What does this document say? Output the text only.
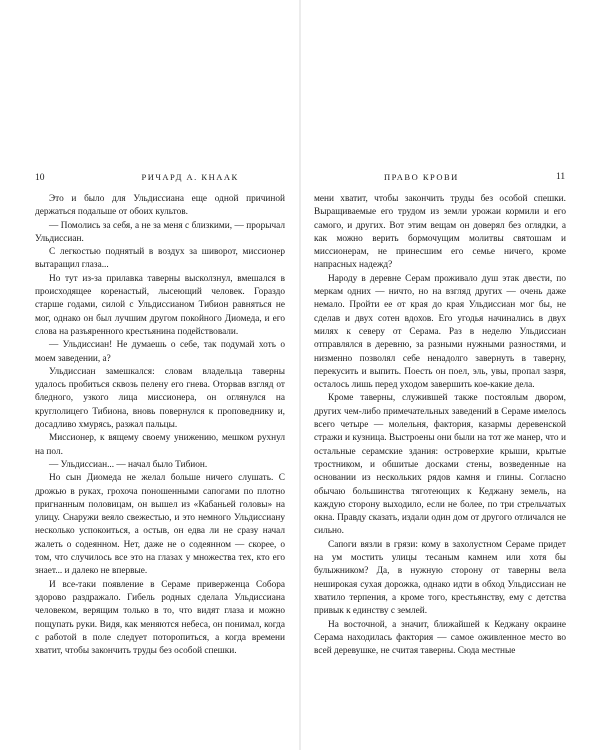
10	РИЧАРД А. КНААК

Это и было для Ульдиссиана еще одной причиной держаться подальше от обоих культов.

— Помолись за себя, а не за меня с близкими, — прорычал Ульдиссиан.

С легкостью поднятый в воздух за шиворот, миссионер вытаращил глаза...

Но тут из-за прилавка таверны высколзнул, вмешался в происходящее коренастый, лысеющий человек. Гораздо старше годами, силой с Ульдиссианом Тибион равняться не мог, однако он был лучшим другом покойного Диомеда, и его слова на разъяренного крестьянина подействовали.

— Ульдиссиан! Не думаешь о себе, так подумай хоть о моем заведении, а?

Ульдиссиан замешкался: словам владельца таверны удалось пробиться сквозь пелену его гнева. Оторвав взгляд от бледного, узкого лица миссионера, он оглянулся на круглолицего Тибиона, вновь повернулся к проповеднику и, досадливо хмурясь, разжал пальцы.

Миссионер, к вящему своему унижению, мешком рухнул на пол.

— Ульдиссиан... — начал было Тибион.

Но сын Диомеда не желал больше ничего слушать. С дрожью в руках, грохоча поношенными сапогами по плотно пригнанным половицам, он вышел из «Кабаньей головы» на улицу. Снаружи веяло свежестью, и это немного Ульдиссиану несколько успокоиться, а остыв, он едва ли не сразу начал жалеть о содеянном. Нет, даже не о содеянном — скорее, о том, что случилось все это на глазах у множества тех, кто его знает... и далеко не впервые.

И все-таки появление в Сераме приверженца Собора здорово раздражало. Гибель родных сделала Ульдиссиана человеком, верящим только в то, что видят глаза и можно пощупать руки. Видя, как меняются небеса, он понимал, когда с работой в поле следует поторопиться, а когда времени хватит, чтобы закончить труды без особой спешки.

ПРАВО КРОВИ	11

мени хватит, чтобы закончить труды без особой спешки. Выращиваемые его трудом из земли урожаи кормили и его самого, и других. Вот этим вещам он доверял без оглядки, а как можно верить бормочущим молитвы святошам и миссионерам, не принесшим его семье ничего, кроме напрасных надежд?

Народу в деревне Серам проживало душ этак двести, по меркам одних — ничто, но на взгляд других — очень даже немало. Пройти ее от края до края Ульдиссиан мог бы, не сделав и двух сотен вдохов. Его угодья начинались в двух милях к северу от Серама. Раз в неделю Ульдиссиан отправлялся в деревню, за разными нужными разностями, и низменно позволял себе ненадолго завернуть в таверну, перекусить и выпить. Поесть он поел, эль, увы, пропал зазря, осталось лишь перед уходом завершить кое-какие дела.

Кроме таверны, служившей также постоялым двором, других чем-либо примечательных заведений в Сераме имелось всего четыре — молельня, фактория, казармы деревенской стражи и кузница. Выстроены они были на тот же манер, что и остальные серамские здания: островерхие крыши, крытые тростником, и обшитые досками стены, возведенные на основании из нескольких рядов камня и глины. Согласно обычаю большинства тяготеющих к Кеджану земель, на каждую сторону выходило, если не более, по три стрельчатых окна. Правду сказать, издали один дом от другого отличался не сильно.

Сапоги вязли в грязи: кому в захолустном Сераме придет на ум мостить улицы тесаным камнем или хотя бы булыжником? Да, в нужную сторону от таверны вела неширокая сухая дорожка, однако идти в обход Ульдиссиан не хватило терпения, а кроме того, крестьянству, ему с детства привык к единству с землей.

На восточной, а значит, ближайшей к Кеджану окраине Серама находилась фактория — самое оживленное место во всей деревушке, не считая таверны. Сюда местные
